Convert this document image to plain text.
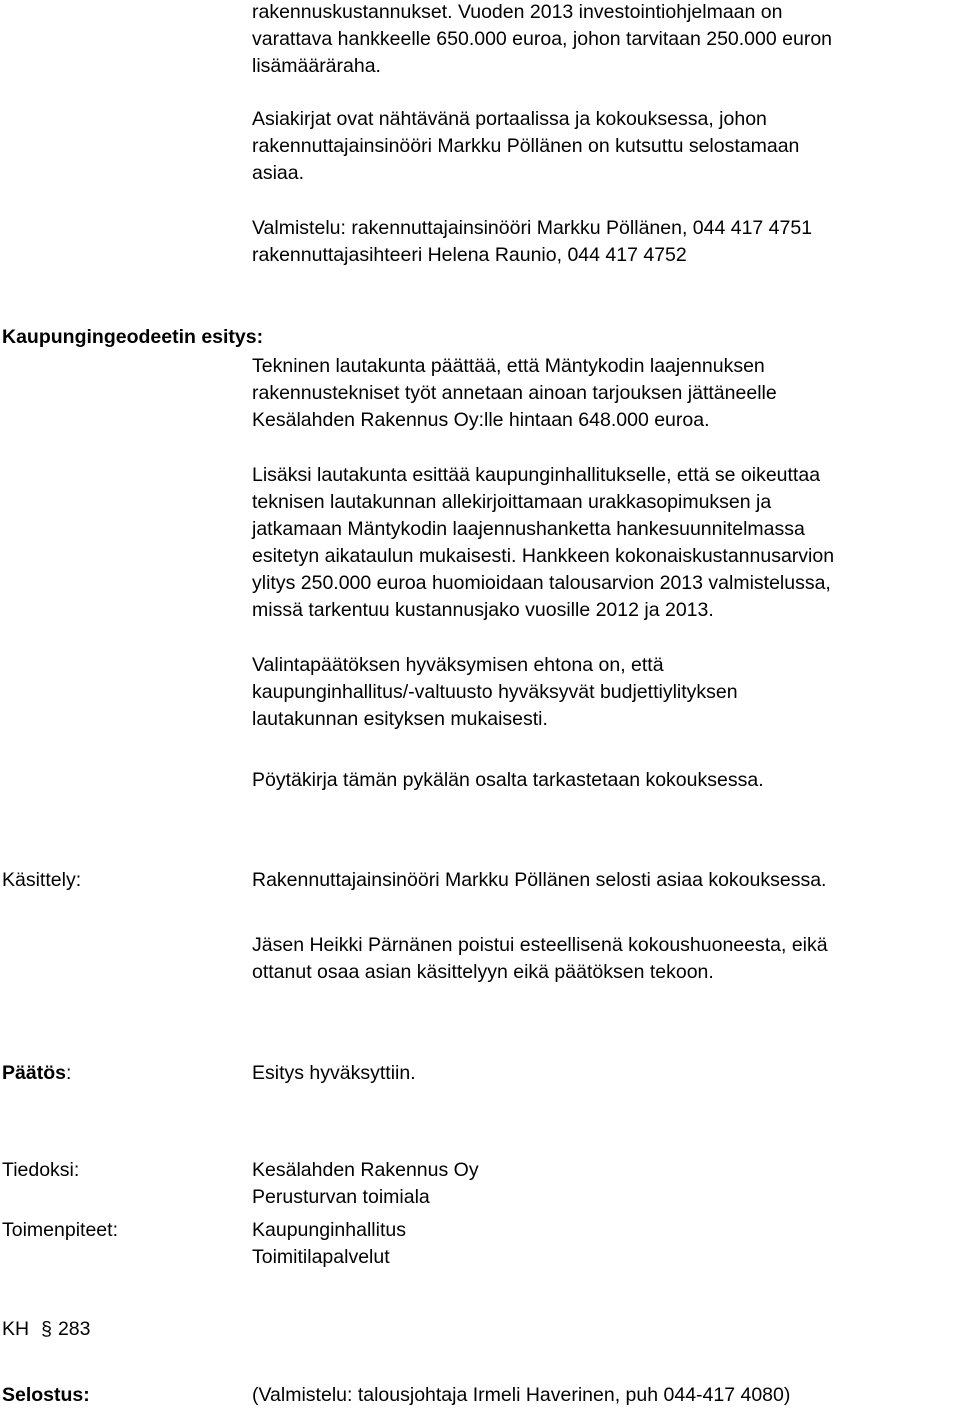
rakennuskustannukset. Vuoden 2013 investointiohjelmaan on
varattava hankkeelle 650.000 euroa, johon tarvitaan 250.000 euron
lisämääräraha.
Asiakirjat ovat nähtävänä portaalissa ja kokouksessa, johon
rakennuttajainsinööri Markku Pöllänen on kutsuttu selostamaan
asiaa.
Valmistelu: rakennuttajainsinööri Markku Pöllänen, 044 417 4751
rakennuttajasihteeri Helena Raunio, 044 417 4752
Kaupungingeodeetin esitys:
Tekninen lautakunta päättää, että Mäntykodin laajennuksen
rakennustekniset työt annetaan ainoan tarjouksen jättäneelle
Kesälahden Rakennus Oy:lle hintaan 648.000 euroa.
Lisäksi lautakunta esittää kaupunginhallitukselle, että se oikeuttaa
teknisen lautakunnan allekirjoittamaan urakkasopimuksen ja
jatkamaan Mäntykodin laajennushanketta hankesuunnitelmassa
esitetyn aikataulun mukaisesti. Hankkeen kokonaiskustannusarvion
ylitys 250.000 euroa huomioidaan talousarvion 2013 valmistelussa,
missä tarkentuu kustannusjako vuosille 2012 ja 2013.
Valintapäätöksen hyväksymisen ehtona on, että
kaupunginhallitus/-valtuusto hyväksyvät budjettiylityksen
lautakunnan esityksen mukaisesti.
Pöytäkirja tämän pykälän osalta tarkastetaan kokouksessa.
Käsittely:	Rakennuttajainsinööri Markku Pöllänen selosti asiaa kokouksessa.
Jäsen Heikki Pärnänen poistui esteellisenä kokoushuoneesta, eikä
ottanut osaa asian käsittelyyn eikä päätöksen tekoon.
Päätös:	Esitys hyväksyttiin.
Tiedoksi:	Kesälahden Rakennus Oy
Perusturvan toimiala
Toimenpiteet:	Kaupunginhallitus
Toimitilapalvelut
KH § 283
Selostus:	(Valmistelu: talousjohtaja Irmeli Haverinen, puh 044-417 4080)
